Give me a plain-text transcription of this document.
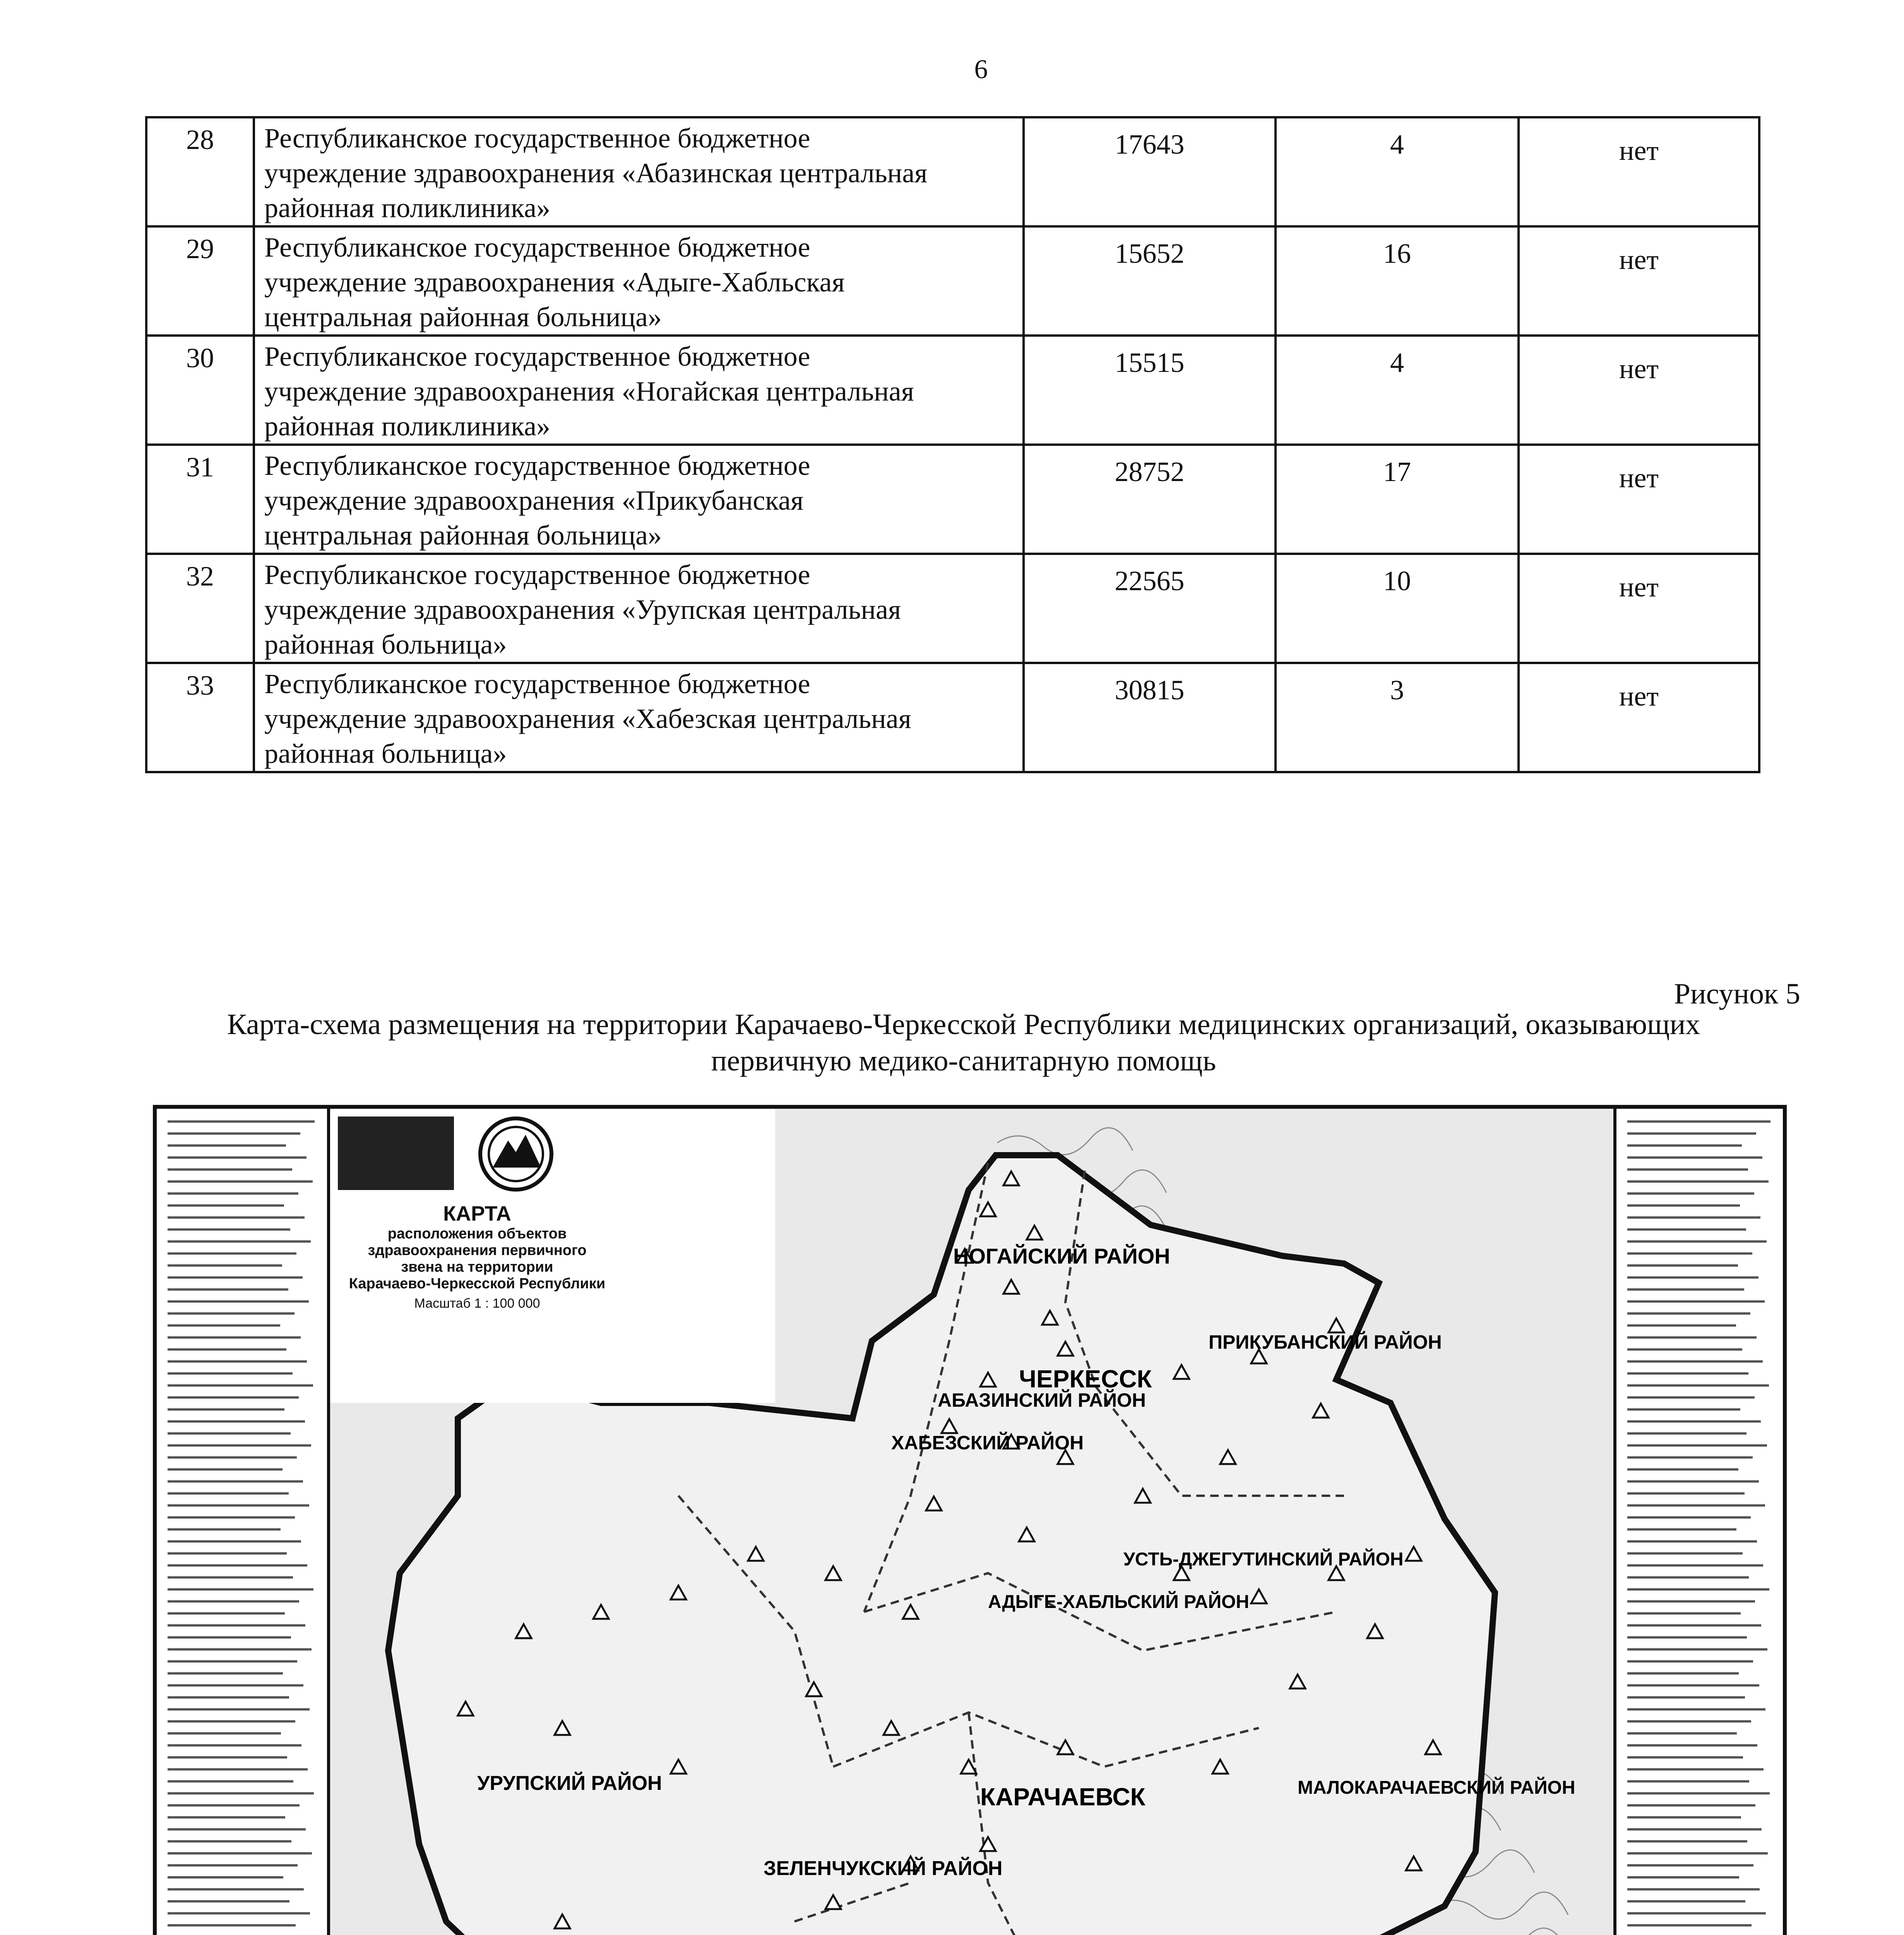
6
28	Республиканское государственное бюджетное
учреждение здравоохранения «Абазинская центральная
районная поликлиника»	17643	4	нет
29	Республиканское государственное бюджетное
учреждение здравоохранения «Адыге-Хабльская
центральная районная больница»	15652	16	нет
30	Республиканское государственное бюджетное
учреждение здравоохранения «Ногайская центральная
районная поликлиника»	15515	4	нет
31	Республиканское государственное бюджетное
учреждение здравоохранения «Прикубанская
центральная районная больница»	28752	17	нет
32	Республиканское государственное бюджетное
учреждение здравоохранения «Урупская центральная
районная больница»	22565	10	нет
33	Республиканское государственное бюджетное
учреждение здравоохранения «Хабезская центральная
районная больница»	30815	3	нет
Рисунок 5
Карта-схема размещения на территории Карачаево-Черкесской Республики медицинских организаций, оказывающих
первичную медико-санитарную помощь
НОГАЙСКИЙ РАЙОН
АБАЗИНСКИЙ РАЙОН
ПРИКУБАНСКИЙ РАЙОН
ХАБЕЗСКИЙ РАЙОН
УСТЬ-ДЖЕГУТИНСКИЙ РАЙОН
АДЫГЕ-ХАБЛЬСКИЙ РАЙОН
УРУПСКИЙ РАЙОН
ЗЕЛЕНЧУКСКИЙ РАЙОН
МАЛОКАРАЧАЕВСКИЙ РАЙОН
ЧЕРКЕССК
КАРАЧАЕВСК
КАРТА
расположения объектов
здравоохранения первичного
звена на территории
Карачаево-Черкесской Республики
Масштаб 1 : 100 000
